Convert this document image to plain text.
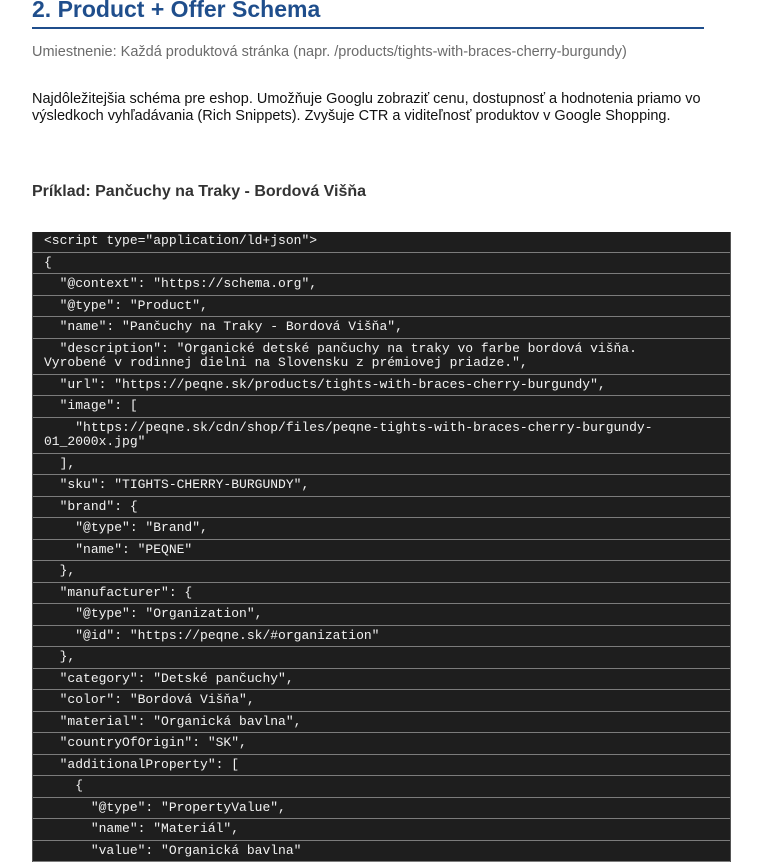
2. Product + Offer Schema
Umiestnenie: Každá produktová stránka (napr. /products/tights-with-braces-cherry-burgundy)

Najdôležitejšia schéma pre eshop. Umožňuje Googlu zobraziť cenu, dostupnosť a hodnotenia priamo vo výsledkoch vyhľadávania (Rich Snippets). Zvyšuje CTR a viditeľnosť produktov v Google Shopping.

Príklad: Pančuchy na Traky - Bordová Višňa
<script type="application/ld+json">
{
"@context": "https://schema.org",
"@type": "Product",
"name": "Pančuchy na Traky - Bordová Višňa",
"description": "Organické detské pančuchy na traky vo farbe bordová višňa.
Vyrobené v rodinnej dielni na Slovensku z prémiovej priadze.",
"url": "https://peqne.sk/products/tights-with-braces-cherry-burgundy",
"image": [
"https://peqne.sk/cdn/shop/files/peqne-tights-with-braces-cherry-burgundy-
01_2000x.jpg"
],
"sku": "TIGHTS-CHERRY-BURGUNDY",
"brand": {
"@type": "Brand",
"name": "PEQNE"
},
"manufacturer": {
"@type": "Organization",
"@id": "https://peqne.sk/#organization"
},
"category": "Detské pančuchy",
"color": "Bordová Višňa",
"material": "Organická bavlna",
"countryOfOrigin": "SK",
"additionalProperty": [
{
"@type": "PropertyValue",
"name": "Materiál",
"value": "Organická bavlna"
